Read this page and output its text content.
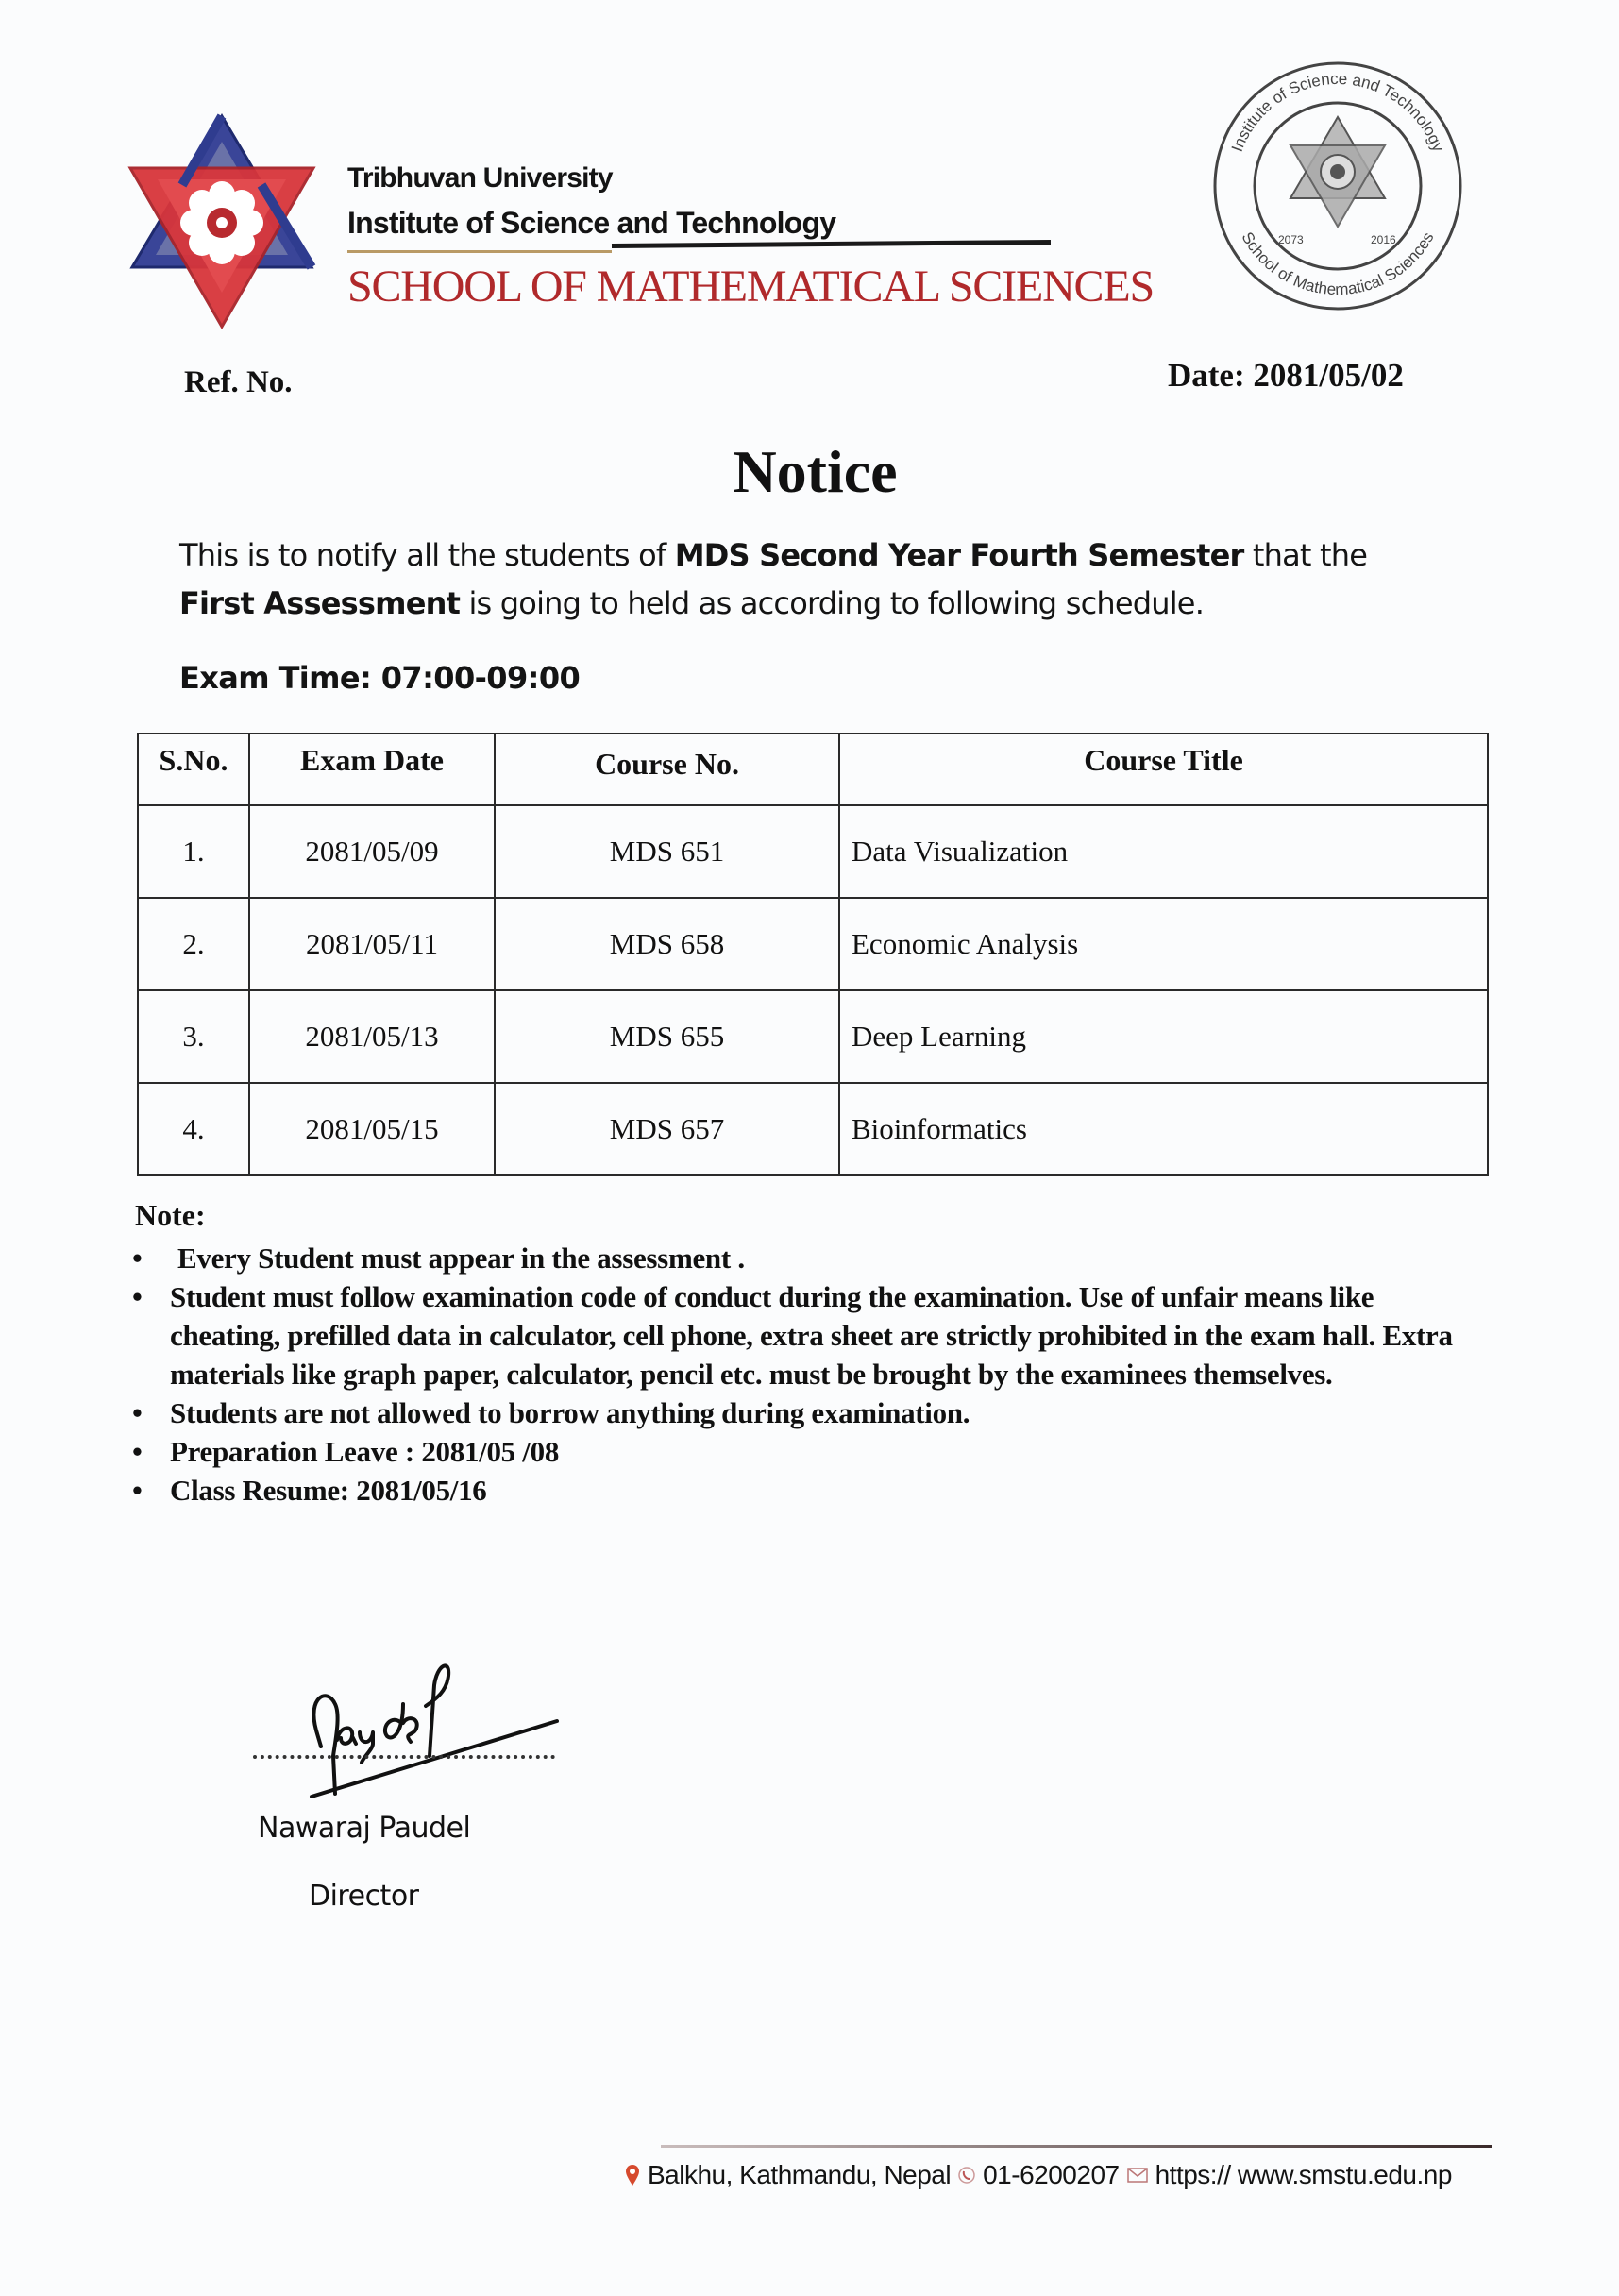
Tribhuvan University
Institute of Science and Technology
SCHOOL OF MATHEMATICAL SCIENCES
Institute of Science and Technology
School of Mathematical Sciences
2073	2016
Ref. No.	Date: 2081/05/02
Notice
This is to notify all the students of MDS Second Year Fourth Semester that the
First Assessment is going to held as according to following schedule.
Exam Time: 07:00-09:00
S.No.	Exam Date	Course No.	Course Title
1.	2081/05/09	MDS 651	Data Visualization
2.	2081/05/11	MDS 658	Economic Analysis
3.	2081/05/13	MDS 655	Deep Learning
4.	2081/05/15	MDS 657	Bioinformatics
Note:
• Every Student must appear in the assessment .
• Student must follow examination code of conduct during the examination. Use of unfair means like cheating, prefilled data in calculator, cell phone, extra sheet are strictly prohibited in the exam hall. Extra materials like graph paper, calculator, pencil etc. must be brought by the examinees themselves.
• Students are not allowed to borrow anything during examination.
• Preparation Leave : 2081/05 /08
• Class Resume: 2081/05/16
Nawaraj Paudel
Director
Balkhu, Kathmandu, Nepal 01-6200207 https:// www.smstu.edu.np
